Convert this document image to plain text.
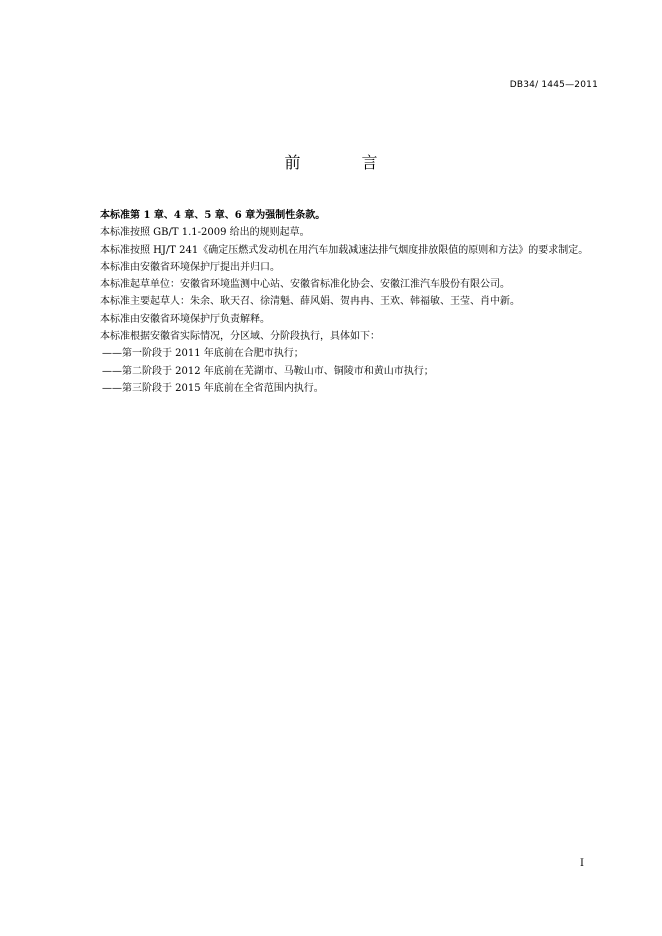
DB34/ 1445—2011
前 言

本标准第 1 章、4 章、5 章、6 章为强制性条款。

本标准按照 GB/T 1.1-2009 给出的规则起草。

本标准按照 HJ/T 241《确定压燃式发动机在用汽车加载减速法排气烟度排放限值的原则和方法》的要求制定。

本标准由安徽省环境保护厅提出并归口。

本标准起草单位：安徽省环境监测中心站、安徽省标准化协会、安徽江淮汽车股份有限公司。

本标准主要起草人：朱余、耿天召、徐清魁、薛风娟、贺冉冉、王欢、韩福敏、王莹、肖中新。

本标准由安徽省环境保护厅负责解释。

本标准根据安徽省实际情况，分区域、分阶段执行，具体如下：

——第一阶段于 2011 年底前在合肥市执行；

——第二阶段于 2012 年底前在芜湖市、马鞍山市、铜陵市和黄山市执行；

——第三阶段于 2015 年底前在全省范围内执行。

I
